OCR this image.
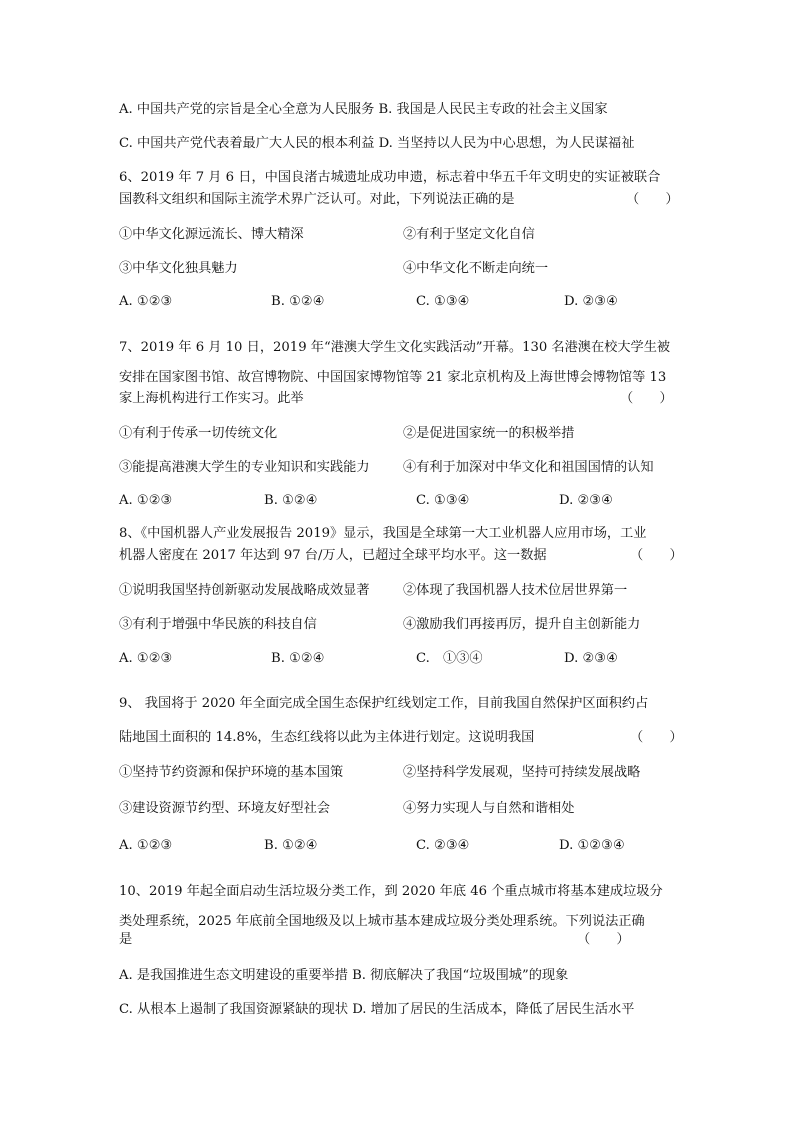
A. 中国共产党的宗旨是全心全意为人民服务 B. 我国是人民民主专政的社会主义国家
C. 中国共产党代表着最广大人民的根本利益 D. 当坚持以人民为中心思想，为人民谋福祉
6、2019 年 7 月 6 日，中国良渚古城遗址成功申遗，标志着中华五千年文明史的实证被联合
国教科文组织和国际主流学术界广泛认可。对此，下列说法正确的是	（　　）
①中华文化源远流长、博大精深	②有利于坚定文化自信
③中华文化独具魅力	④中华文化不断走向统一
A. ①②③	B. ①②④	C. ①③④	D. ②③④
7、2019 年 6 月 10 日，2019 年“港澳大学生文化实践活动”开幕。130 名港澳在校大学生被
安排在国家图书馆、故宫博物院、中国国家博物馆等 21 家北京机构及上海世博会博物馆等 13
家上海机构进行工作实习。此举	（　　）
①有利于传承一切传统文化	②是促进国家统一的积极举措
③能提高港澳大学生的专业知识和实践能力	④有利于加深对中华文化和祖国国情的认知
A. ①②③	B. ①②④	C. ①③④	D. ②③④
8、《中国机器人产业发展报告 2019》显示，我国是全球第一大工业机器人应用市场，工业
机器人密度在 2017 年达到 97 台/万人，已超过全球平均水平。这一数据	（　　）
①说明我国坚持创新驱动发展战略成效显著	②体现了我国机器人技术位居世界第一
③有利于增强中华民族的科技自信	④激励我们再接再厉，提升自主创新能力
A. ①②③	B. ①②④	C.　①③④	D. ②③④
9、 我国将于 2020 年全面完成全国生态保护红线划定工作，目前我国自然保护区面积约占
陆地国土面积的 14.8%，生态红线将以此为主体进行划定。这说明我国	（　　）
①坚持节约资源和保护环境的基本国策	②坚持科学发展观，坚持可持续发展战略
③建设资源节约型、环境友好型社会	④努力实现人与自然和谐相处
A. ①②③	B. ①②④	C. ②③④	D. ①②③④
10、2019 年起全面启动生活垃圾分类工作，到 2020 年底 46 个重点城市将基本建成垃圾分
类处理系统，2025 年底前全国地级及以上城市基本建成垃圾分类处理系统。下列说法正确
是	（　　）
A. 是我国推进生态文明建设的重要举措 B. 彻底解决了我国“垃圾围城”的现象
C. 从根本上遏制了我国资源紧缺的现状 D. 增加了居民的生活成本，降低了居民生活水平
